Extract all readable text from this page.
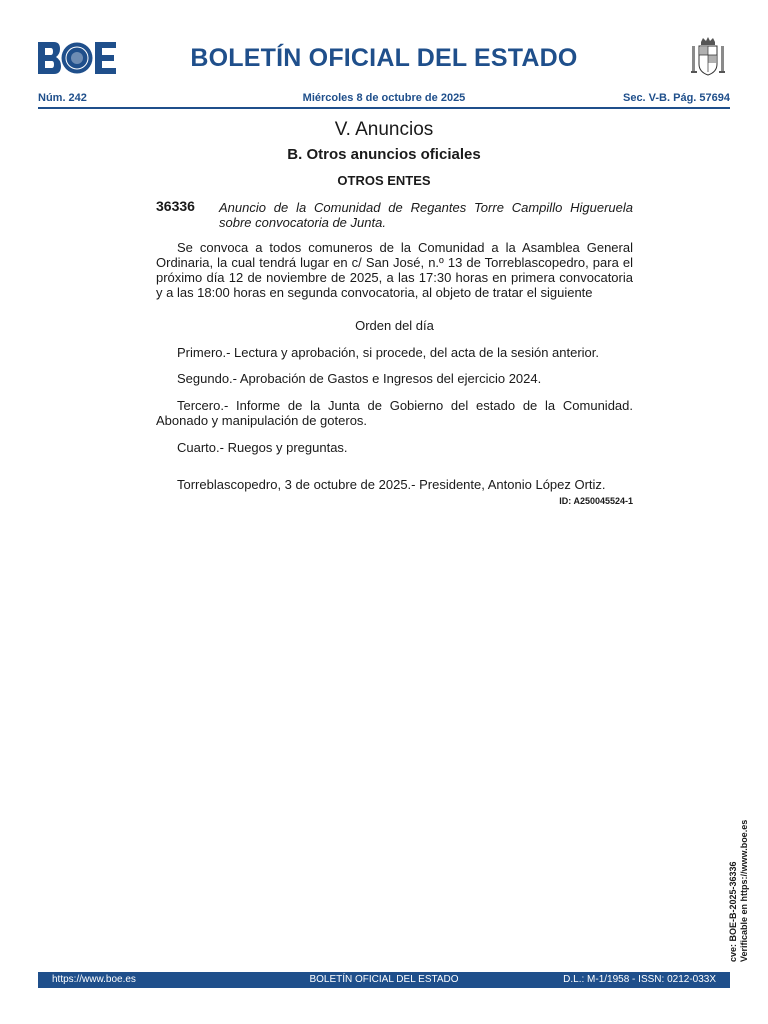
BOLETÍN OFICIAL DEL ESTADO
Núm. 242	Miércoles 8 de octubre de 2025	Sec. V-B. Pág. 57694
V. Anuncios
B. Otros anuncios oficiales
OTROS ENTES
36336 Anuncio de la Comunidad de Regantes Torre Campillo Higueruela sobre convocatoria de Junta.
Se convoca a todos comuneros de la Comunidad a la Asamblea General Ordinaria, la cual tendrá lugar en c/ San José, n.º 13 de Torreblascopedro, para el próximo día 12 de noviembre de 2025, a las 17:30 horas en primera convocatoria y a las 18:00 horas en segunda convocatoria, al objeto de tratar el siguiente
Orden del día
Primero.- Lectura y aprobación, si procede, del acta de la sesión anterior.
Segundo.- Aprobación de Gastos e Ingresos del ejercicio 2024.
Tercero.- Informe de la Junta de Gobierno del estado de la Comunidad. Abonado y manipulación de goteros.
Cuarto.- Ruegos y preguntas.
Torreblascopedro, 3 de octubre de 2025.- Presidente, Antonio López Ortiz.
ID: A250045524-1
cve: BOE-B-2025-36336 Verificable en https://www.boe.es
https://www.boe.es	BOLETÍN OFICIAL DEL ESTADO	D.L.: M-1/1958 - ISSN: 0212-033X
